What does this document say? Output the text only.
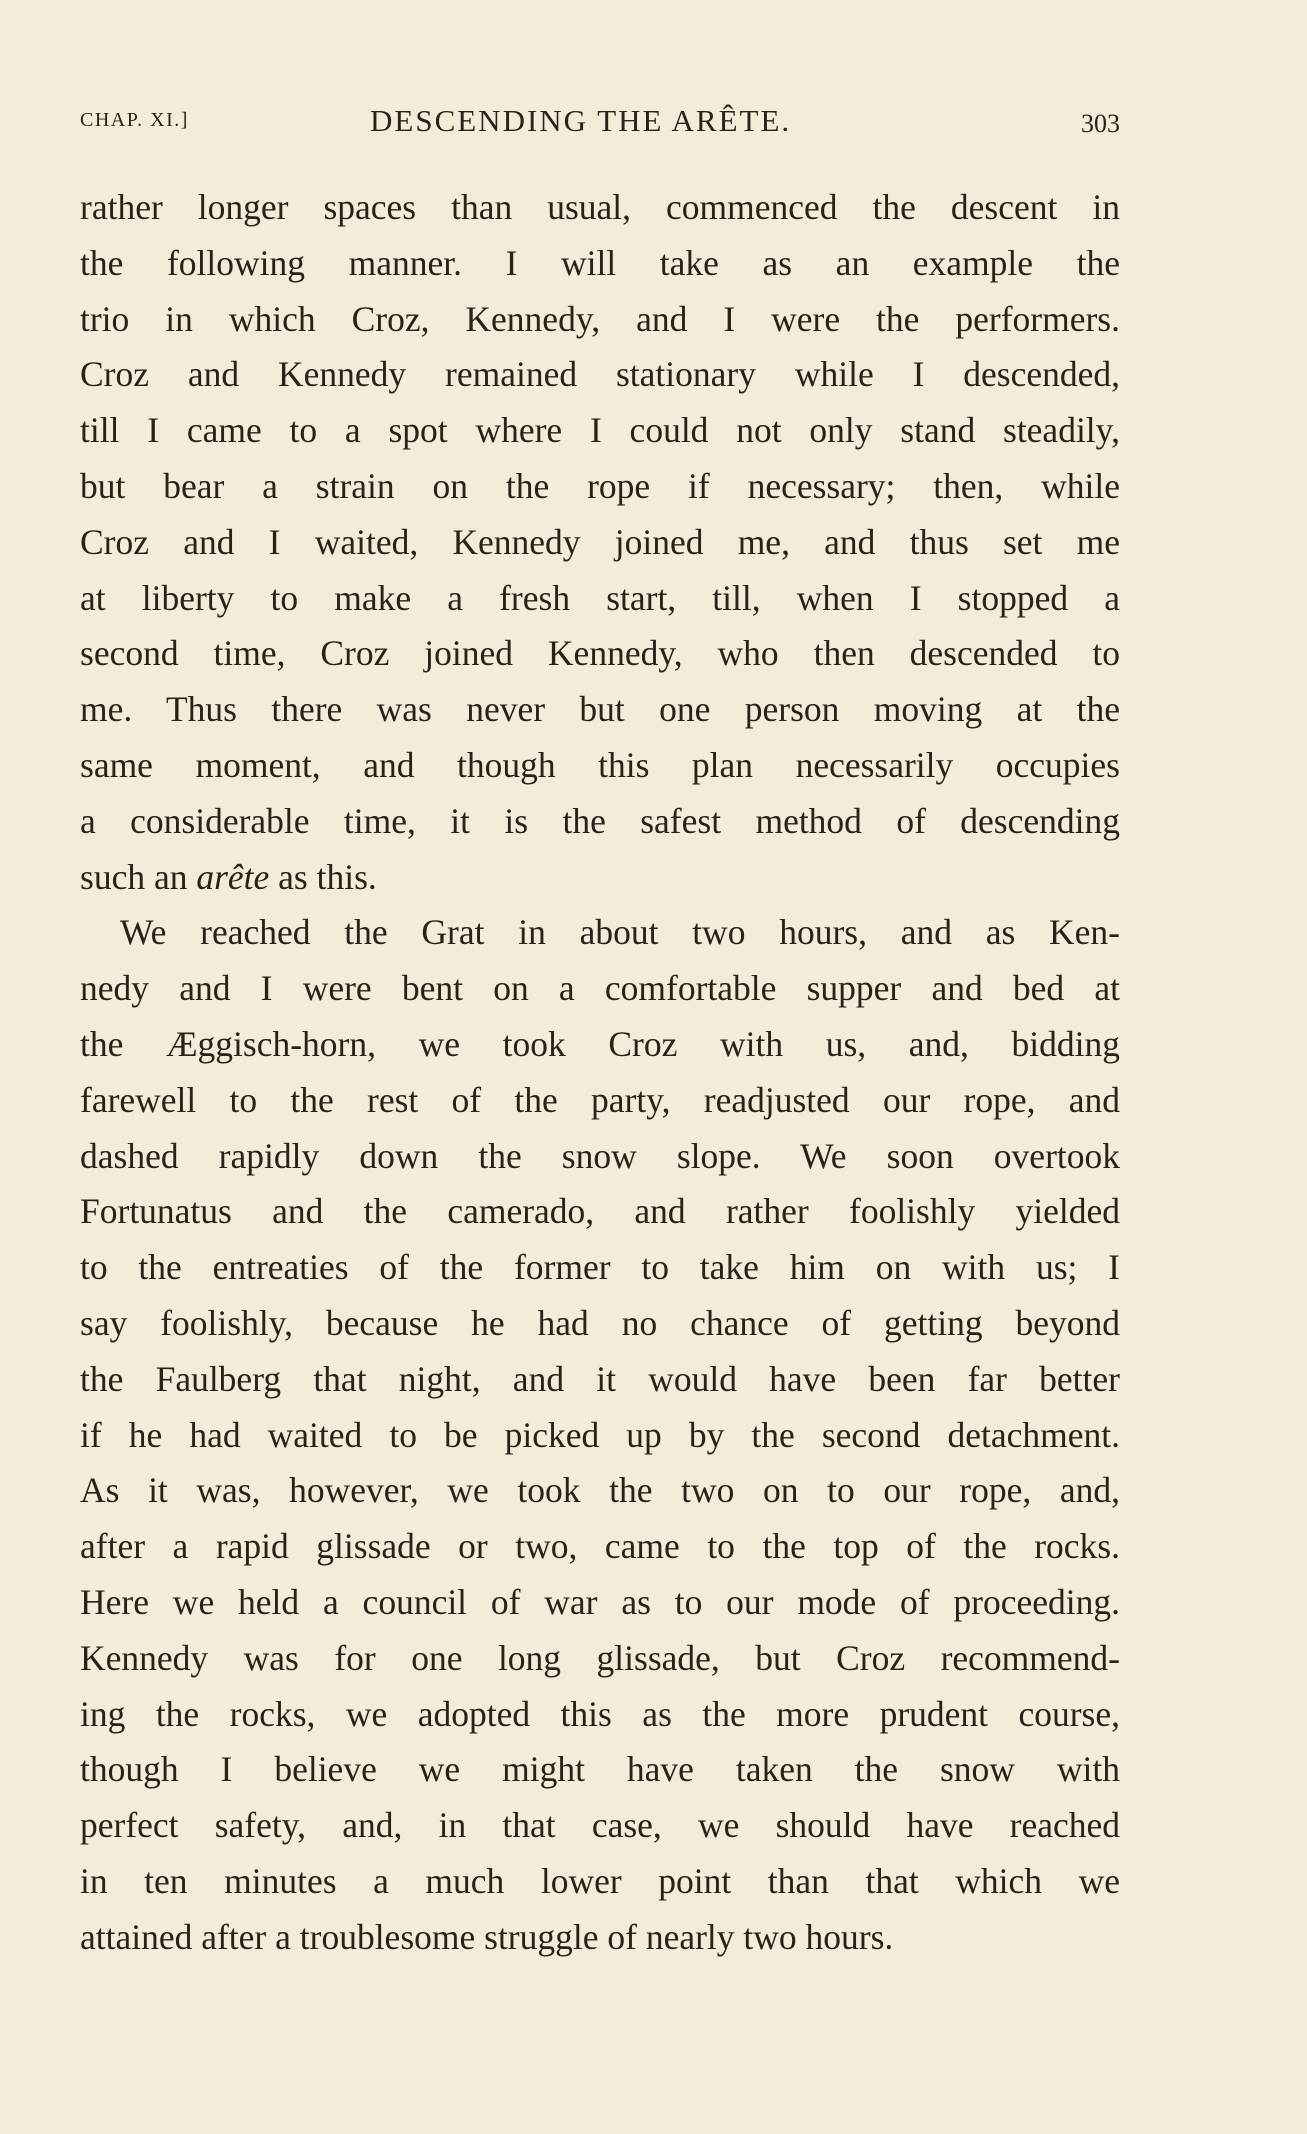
CHAP. XI.]	DESCENDING THE ARÊTE.	303
rather longer spaces than usual, commenced the descent in
the following manner. I will take as an example the
trio in which Croz, Kennedy, and I were the performers.
Croz and Kennedy remained stationary while I descended,
till I came to a spot where I could not only stand steadily,
but bear a strain on the rope if necessary; then, while
Croz and I waited, Kennedy joined me, and thus set me
at liberty to make a fresh start, till, when I stopped a
second time, Croz joined Kennedy, who then descended to
me. Thus there was never but one person moving at the
same moment, and though this plan necessarily occupies
a considerable time, it is the safest method of descending
such an arête as this.
We reached the Grat in about two hours, and as Ken-
nedy and I were bent on a comfortable supper and bed at
the Æggisch-horn, we took Croz with us, and, bidding
farewell to the rest of the party, readjusted our rope, and
dashed rapidly down the snow slope. We soon overtook
Fortunatus and the camerado, and rather foolishly yielded
to the entreaties of the former to take him on with us; I
say foolishly, because he had no chance of getting beyond
the Faulberg that night, and it would have been far better
if he had waited to be picked up by the second detachment.
As it was, however, we took the two on to our rope, and,
after a rapid glissade or two, came to the top of the rocks.
Here we held a council of war as to our mode of proceeding.
Kennedy was for one long glissade, but Croz recommend-
ing the rocks, we adopted this as the more prudent course,
though I believe we might have taken the snow with
perfect safety, and, in that case, we should have reached
in ten minutes a much lower point than that which we
attained after a troublesome struggle of nearly two hours.
